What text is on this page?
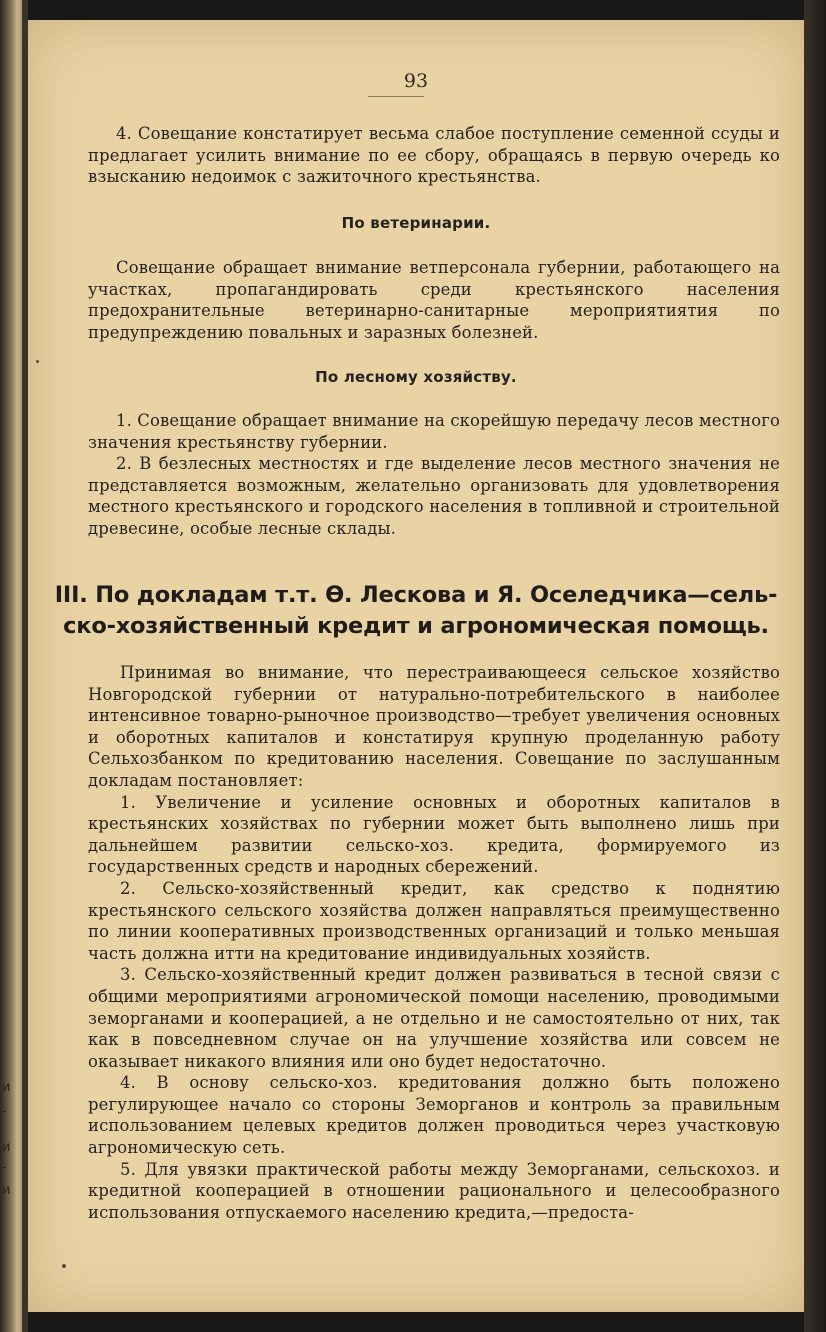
и
-
и
-
и
93

4. Совещание констатирует весьма слабое поступление семенной ссуды и предлагает усилить внимание по ее сбору, обращаясь в первую очередь ко взысканию недоимок с зажиточного крестьянства.

По ветеринарии.

Совещание обращает внимание ветперсонала губернии, работающего на участках, пропагандировать среди крестьянского населения предохранительные ветеринарно-санитарные мероприятиятия по предупреждению повальных и заразных болезней.

По лесному хозяйству.

1. Совещание обращает внимание на скорейшую передачу лесов местного значения крестьянству губернии.

2. В безлесных местностях и где выделение лесов местного значения не представляется возможным, желательно организовать для удовлетворения местного крестьянского и городского населения в топливной и строительной древесине, особые лесные склады.

III. По докладам т.т. Ѳ. Лескова и Я. Оселедчика—сель-
ско-хозяйственный кредит и агрономическая помощь.

Принимая во внимание, что перестраивающееся сельское хозяйство Новгородской губернии от натурально-потребительского в наиболее интенсивное товарно-рыночное производство—требует увеличения основных и оборотных капиталов и констатируя крупную проделанную работу Сельхозбанком по кредитованию населения. Совещание по заслушанным докладам постановляет:

1. Увеличение и усиление основных и оборотных капиталов в крестьянских хозяйствах по губернии может быть выполнено лишь при дальнейшем развитии сельско-хоз. кредита, формируемого из государственных средств и народных сбережений.

2. Сельско-хозяйственный кредит, как средство к поднятию крестьянского сельского хозяйства должен направляться преимущественно по линии кооперативных производственных организаций и только меньшая часть должна итти на кредитование индивидуальных хозяйств.

3. Сельско-хозяйственный кредит должен развиваться в тесной связи с общими мероприятиями агрономической помощи населению, проводимыми земорганами и кооперацией, а не отдельно и не самостоятельно от них, так как в повседневном случае он на улучшение хозяйства или совсем не оказывает никакого влияния или оно будет недостаточно.

4. В основу сельско-хоз. кредитования должно быть положено регулирующее начало со стороны Земорганов и контроль за правильным использованием целевых кредитов должен проводиться через участковую агрономическую сеть.

5. Для увязки практической работы между Земорганами, сельскохоз. и кредитной кооперацией в отношении рационального и целесообразного использования отпускаемого населению кредита,—предоста-
